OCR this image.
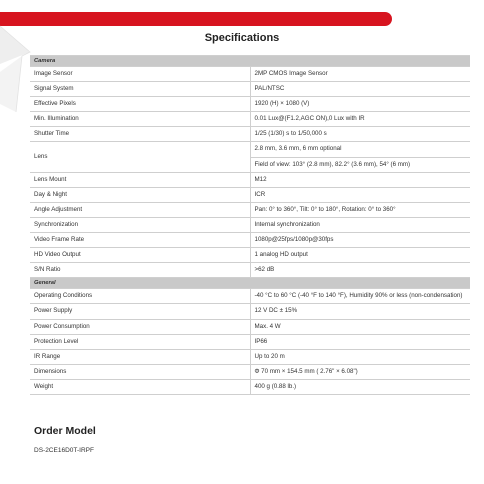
Specifications
Camera	
Image Sensor	2MP CMOS Image Sensor
Signal System	PAL/NTSC
Effective Pixels	1920 (H) × 1080 (V)
Min. Illumination	0.01 Lux@(F1.2,AGC ON),0 Lux with IR
Shutter Time	1/25 (1/30) s to 1/50,000 s
Lens	2.8 mm, 3.6 mm, 6 mm optional
	Field of view: 103° (2.8 mm), 82.2° (3.6 mm), 54° (6 mm)
Lens Mount	M12
Day & Night	ICR
Angle Adjustment	Pan: 0° to 360°, Tilt: 0° to 180°, Rotation: 0° to 360°
Synchronization	Internal synchronization
Video Frame Rate	1080p@25fps/1080p@30fps
HD Video Output	1 analog HD output
S/N Ratio	>62 dB
General	
Operating Conditions	-40 °C to 60 °C (-40 °F to 140 °F), Humidity 90% or less (non-condensation)
Power Supply	12 V DC ± 15%
Power Consumption	Max. 4 W
Protection Level	IP66
IR Range	Up to 20 m
Dimensions	Φ 70 mm × 154.5 mm ( 2.76" × 6.08")
Weight	400 g (0.88 lb.)
Order Model
DS-2CE16D0T-IRPF
